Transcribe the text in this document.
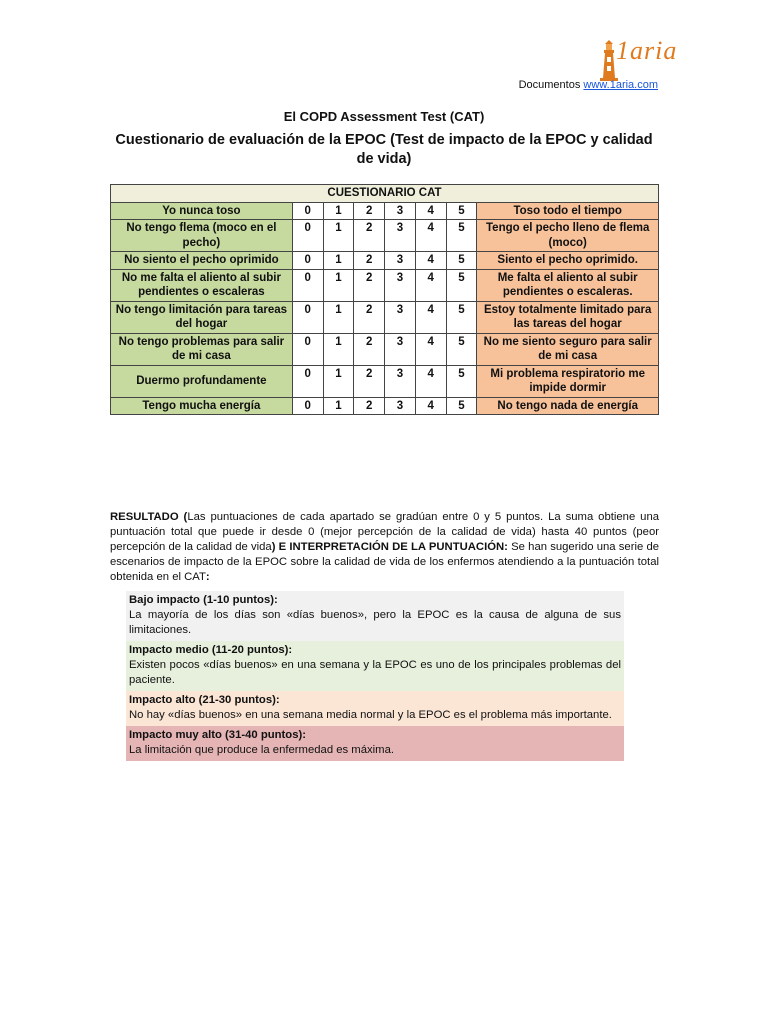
1aria
Documentos www.1aria.com
El COPD Assessment Test (CAT)
Cuestionario de evaluación de la EPOC (Test de impacto de la EPOC y calidad de vida)
CUESTIONARIO CAT							
Yo nunca toso	0	1	2	3	4	5	Toso todo el tiempo
No tengo flema (moco en el pecho)	0	1	2	3	4	5	Tengo el pecho lleno de flema (moco)
No siento el pecho oprimido	0	1	2	3	4	5	Siento el pecho oprimido.
No me falta el aliento al subir pendientes o escaleras	0	1	2	3	4	5	Me falta el aliento al subir pendientes o escaleras.
No tengo limitación para tareas del hogar	0	1	2	3	4	5	Estoy totalmente limitado para las tareas del hogar
No tengo problemas para salir de mi casa	0	1	2	3	4	5	No me siento seguro para salir de mi casa
Duermo profundamente	0	1	2	3	4	5	Mi problema respiratorio me impide dormir
Tengo mucha energía	0	1	2	3	4	5	No tengo nada de energía
RESULTADO (Las puntuaciones de cada apartado se gradúan entre 0 y 5 puntos. La suma obtiene una puntuación total que puede ir desde 0 (mejor percepción de la calidad de vida) hasta 40 puntos (peor percepción de la calidad de vida) E INTERPRETACIÓN DE LA PUNTUACIÓN: Se han sugerido una serie de escenarios de impacto de la EPOC sobre la calidad de vida de los enfermos atendiendo a la puntuación total obtenida en el CAT:
Bajo impacto (1-10 puntos):
La mayoría de los días son «días buenos», pero la EPOC es la causa de alguna de sus limitaciones.
Impacto medio (11-20 puntos):
Existen pocos «días buenos» en una semana y la EPOC es uno de los principales problemas del paciente.
Impacto alto (21-30 puntos):
No hay «días buenos» en una semana media normal y la EPOC es el problema más importante.
Impacto muy alto (31-40 puntos):
La limitación que produce la enfermedad es máxima.
